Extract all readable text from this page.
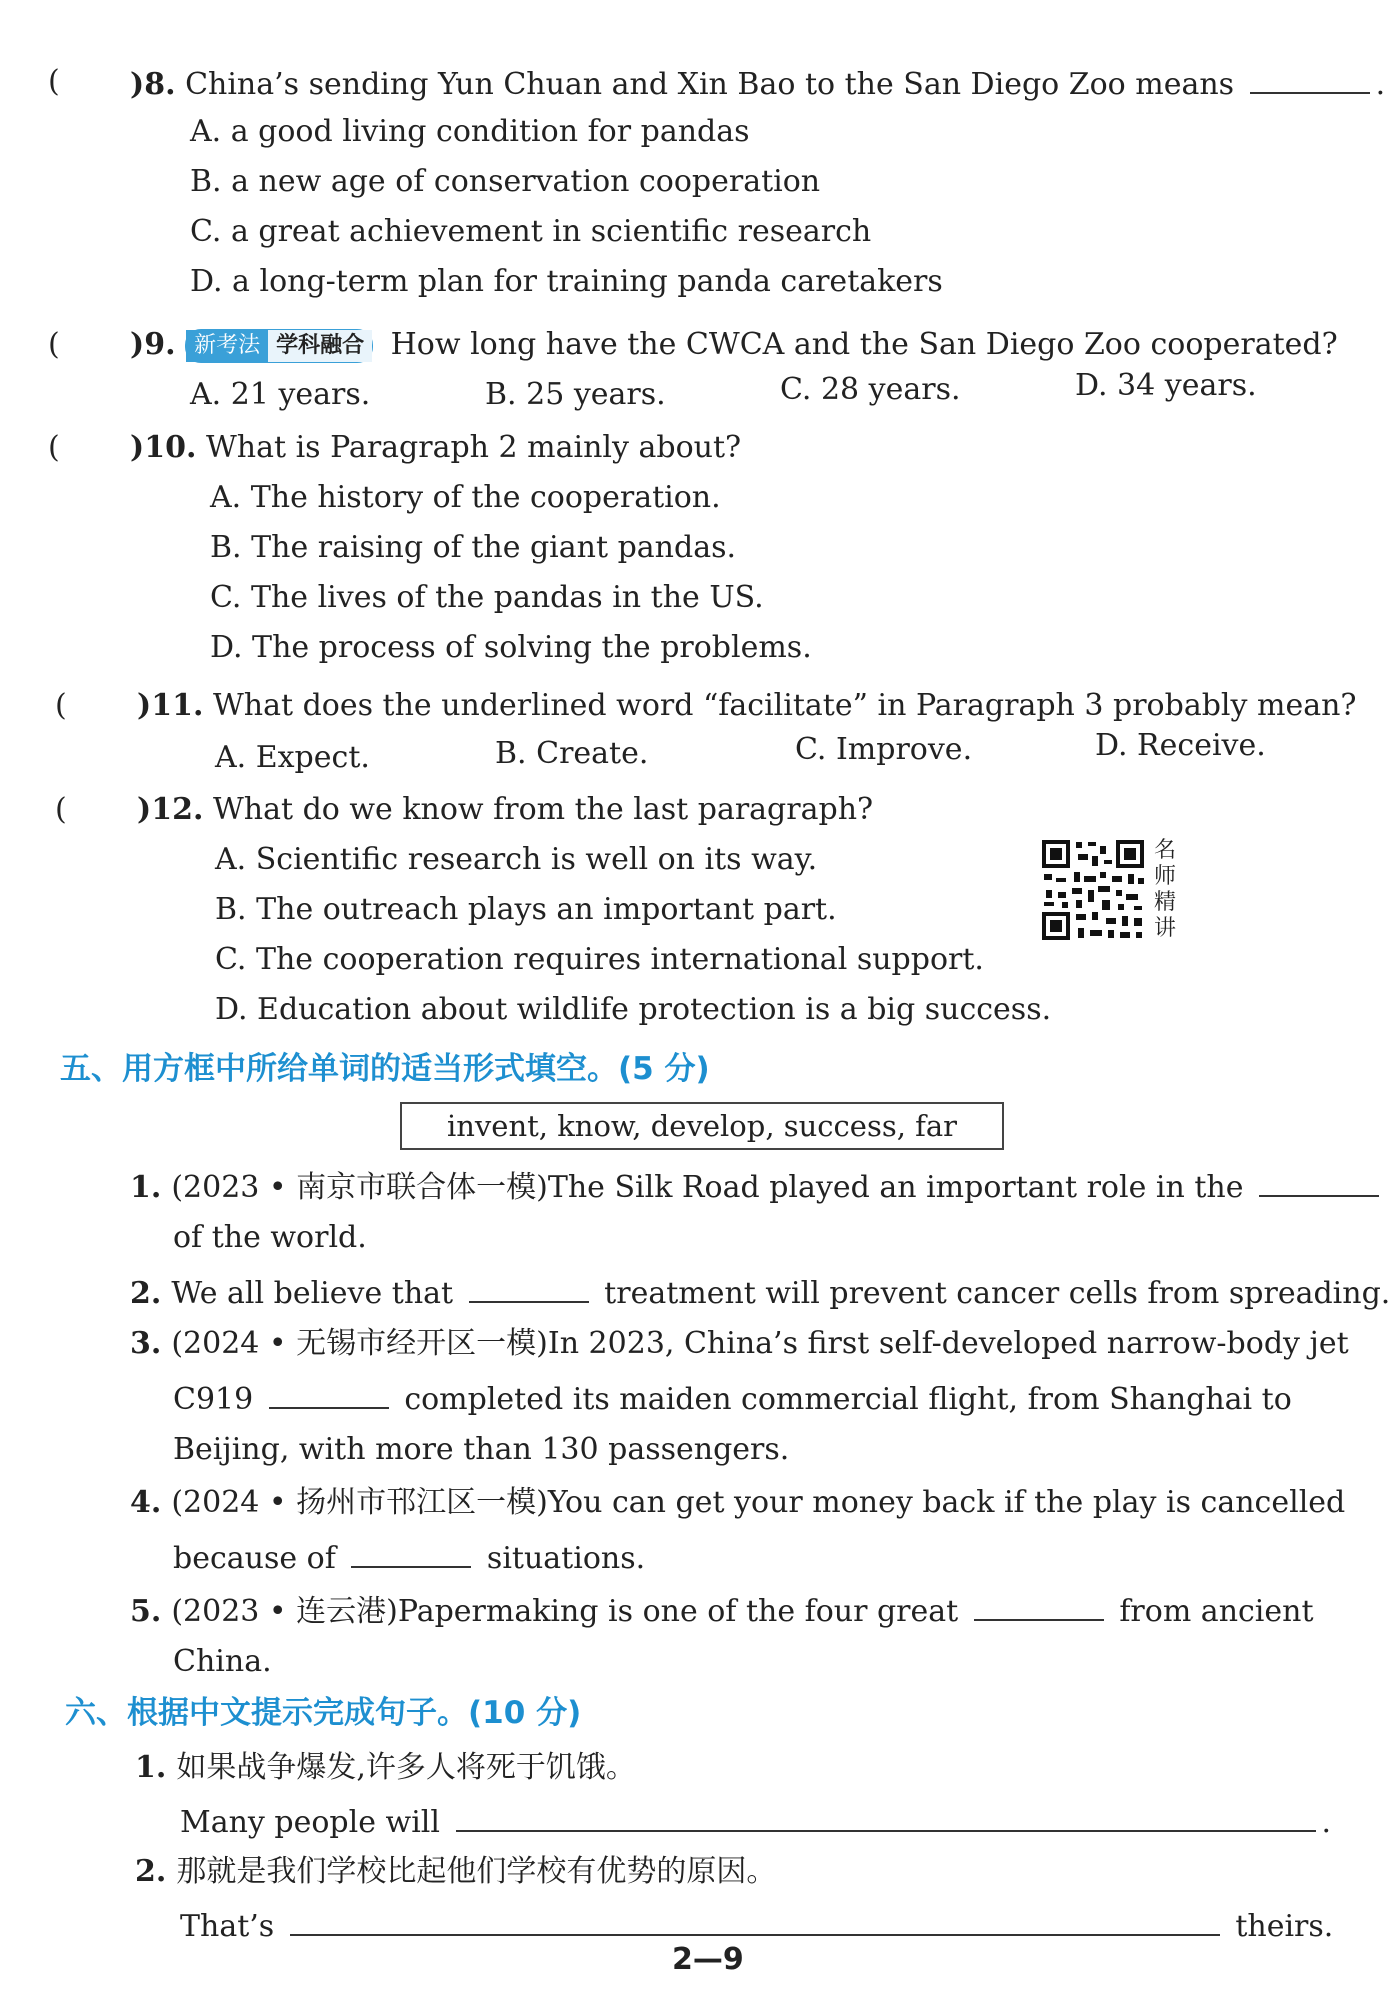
( )8. China’s sending Yun Chuan and Xin Bao to the San Diego Zoo means	.
A. a good living condition for pandas
B. a new age of conservation cooperation
C. a great achievement in scientific research
D. a long-term plan for training panda caretakers
( )9. 新考法 学科融合 How long have the CWCA and the San Diego Zoo cooperated?
A. 21 years.	B. 25 years.	C. 28 years.	D. 34 years.
( )10. What is Paragraph 2 mainly about?
A. The history of the cooperation.
B. The raising of the giant pandas.
C. The lives of the pandas in the US.
D. The process of solving the problems.
( )11. What does the underlined word “facilitate” in Paragraph 3 probably mean?
A. Expect.	B. Create.	C. Improve.	D. Receive.
( )12. What do we know from the last paragraph?
A. Scientific research is well on its way.
B. The outreach plays an important part.
C. The cooperation requires international support.
D. Education about wildlife protection is a big success.
名
师
精
讲
五、用方框中所给单词的适当形式填空。(5 分)
invent, know, develop, success, far
1. (2023 • 南京市联合体一模)The Silk Road played an important role in the
of the world.
2. We all believe that	treatment will prevent cancer cells from spreading.
3. (2024 • 无锡市经开区一模)In 2023, China’s first self-developed narrow-body jet
C919	completed its maiden commercial flight, from Shanghai to
Beijing, with more than 130 passengers.
4. (2024 • 扬州市邗江区一模)You can get your money back if the play is cancelled
because of	situations.
5. (2023 • 连云港)Papermaking is one of the four great	from ancient
China.
六、根据中文提示完成句子。(10 分)
1. 如果战争爆发,许多人将死于饥饿。
Many people will	.
2. 那就是我们学校比起他们学校有优势的原因。
That’s	theirs.
2—9
